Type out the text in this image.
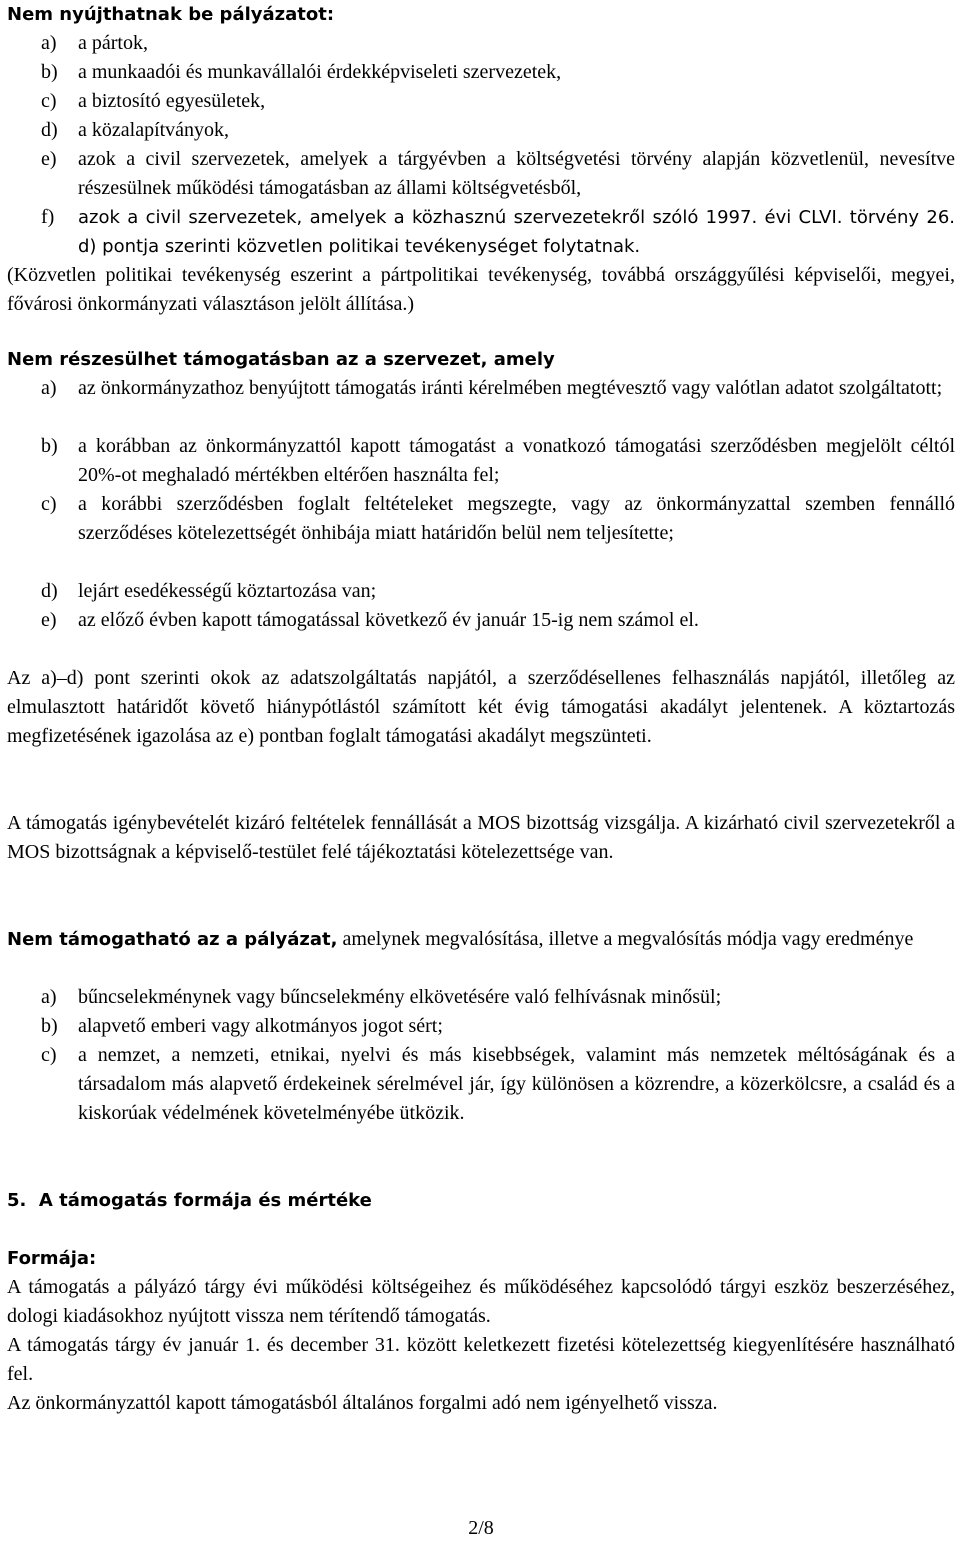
Nem nyújthatnak be pályázatot:
a) a pártok,
b) a munkaadói és munkavállalói érdekképviseleti szervezetek,
c) a biztosító egyesületek,
d) a közalapítványok,
e) azok a civil szervezetek, amelyek a tárgyévben a költségvetési törvény alapján közvetlenül, nevesítve részesülnek működési támogatásban az állami költségvetésből,
f) azok a civil szervezetek, amelyek a közhasznú szervezetekről szóló 1997. évi CLVI. törvény 26. d) pontja szerinti közvetlen politikai tevékenységet folytatnak.
(Közvetlen politikai tevékenység eszerint a pártpolitikai tevékenység, továbbá országgyűlési képviselői, megyei, fővárosi önkormányzati választáson jelölt állítása.)
Nem részesülhet támogatásban az a szervezet, amely
a) az önkormányzathoz benyújtott támogatás iránti kérelmében megtévesztő vagy valótlan adatot szolgáltatott;
b) a korábban az önkormányzattól kapott támogatást a vonatkozó támogatási szerződésben megjelölt céltól 20%-ot meghaladó mértékben eltérően használta fel;
c) a korábbi szerződésben foglalt feltételeket megszegte, vagy az önkormányzattal szemben fennálló szerződéses kötelezettségét önhibája miatt határidőn belül nem teljesítette;
d) lejárt esedékességű köztartozása van;
e) az előző évben kapott támogatással következő év január 15-ig nem számol el.
Az a)–d) pont szerinti okok az adatszolgáltatás napjától, a szerződésellenes felhasználás napjától, illetőleg az elmulasztott határidőt követő hiánypótlástól számított két évig támogatási akadályt jelentenek. A köztartozás megfizetésének igazolása az e) pontban foglalt támogatási akadályt megszünteti.
A támogatás igénybevételét kizáró feltételek fennállását a MOS bizottság vizsgálja. A kizárható civil szervezetekről a MOS bizottságnak a képviselő-testület felé tájékoztatási kötelezettsége van.
Nem támogatható az a pályázat, amelynek megvalósítása, illetve a megvalósítás módja vagy eredménye
a) bűncselekménynek vagy bűncselekmény elkövetésére való felhívásnak minősül;
b) alapvető emberi vagy alkotmányos jogot sért;
c) a nemzet, a nemzeti, etnikai, nyelvi és más kisebbségek, valamint más nemzetek méltóságának és a társadalom más alapvető érdekeinek sérelmével jár, így különösen a közrendre, a közerkölcsre, a család és a kiskorúak védelmének követelményébe ütközik.
5. A támogatás formája és mértéke
Formája:
A támogatás a pályázó tárgy évi működési költségeihez és működéséhez kapcsolódó tárgyi eszköz beszerzéséhez, dologi kiadásokhoz nyújtott vissza nem térítendő támogatás.
A támogatás tárgy év január 1. és december 31. között keletkezett fizetési kötelezettség kiegyenlítésére használható fel.
Az önkormányzattól kapott támogatásból általános forgalmi adó nem igényelhető vissza.
2/8
